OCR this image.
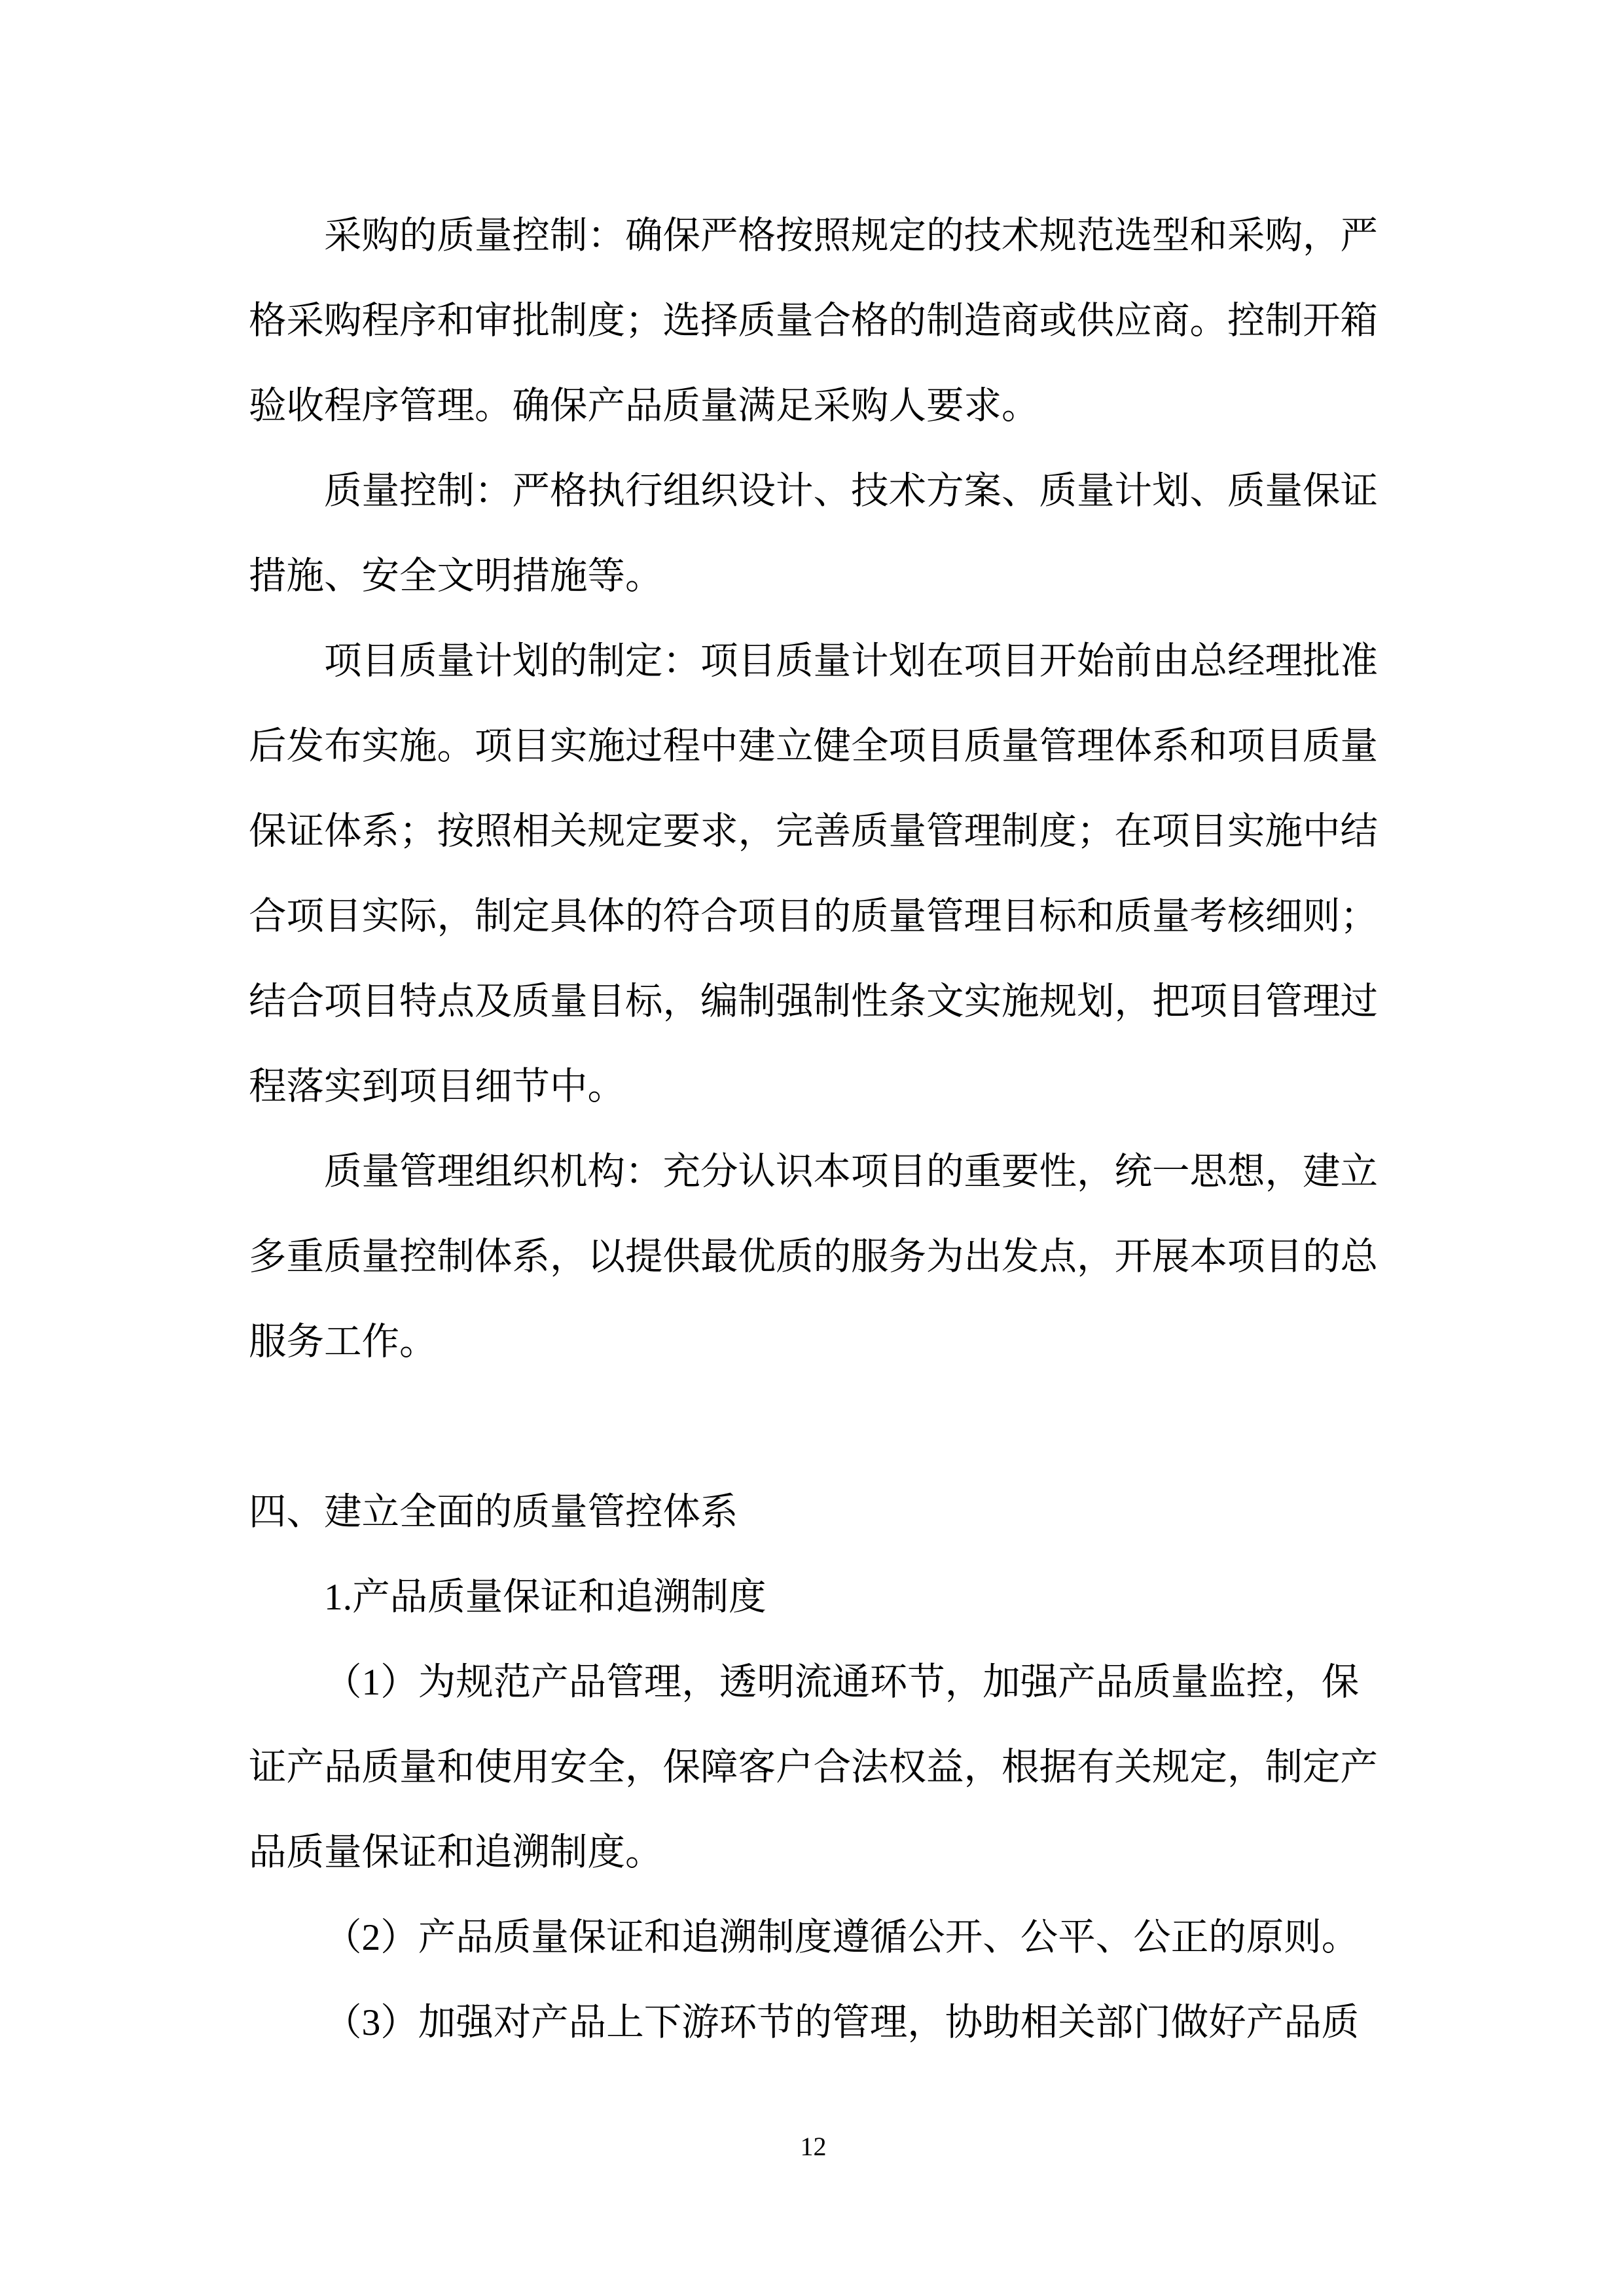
采购的质量控制：确保严格按照规定的技术规范选型和采购，严
格采购程序和审批制度；选择质量合格的制造商或供应商。控制开箱
验收程序管理。确保产品质量满足采购人要求。
质量控制：严格执行组织设计、技术方案、质量计划、质量保证
措施、安全文明措施等。
项目质量计划的制定：项目质量计划在项目开始前由总经理批准
后发布实施。项目实施过程中建立健全项目质量管理体系和项目质量
保证体系；按照相关规定要求，完善质量管理制度；在项目实施中结
合项目实际，制定具体的符合项目的质量管理目标和质量考核细则；
结合项目特点及质量目标，编制强制性条文实施规划，把项目管理过
程落实到项目细节中。
质量管理组织机构：充分认识本项目的重要性，统一思想，建立
多重质量控制体系，以提供最优质的服务为出发点，开展本项目的总
服务工作。
四、建立全面的质量管控体系
1.产品质量保证和追溯制度
（1）为规范产品管理，透明流通环节，加强产品质量监控，保
证产品质量和使用安全，保障客户合法权益，根据有关规定，制定产
品质量保证和追溯制度。
（2）产品质量保证和追溯制度遵循公开、公平、公正的原则。
（3）加强对产品上下游环节的管理，协助相关部门做好产品质
12
